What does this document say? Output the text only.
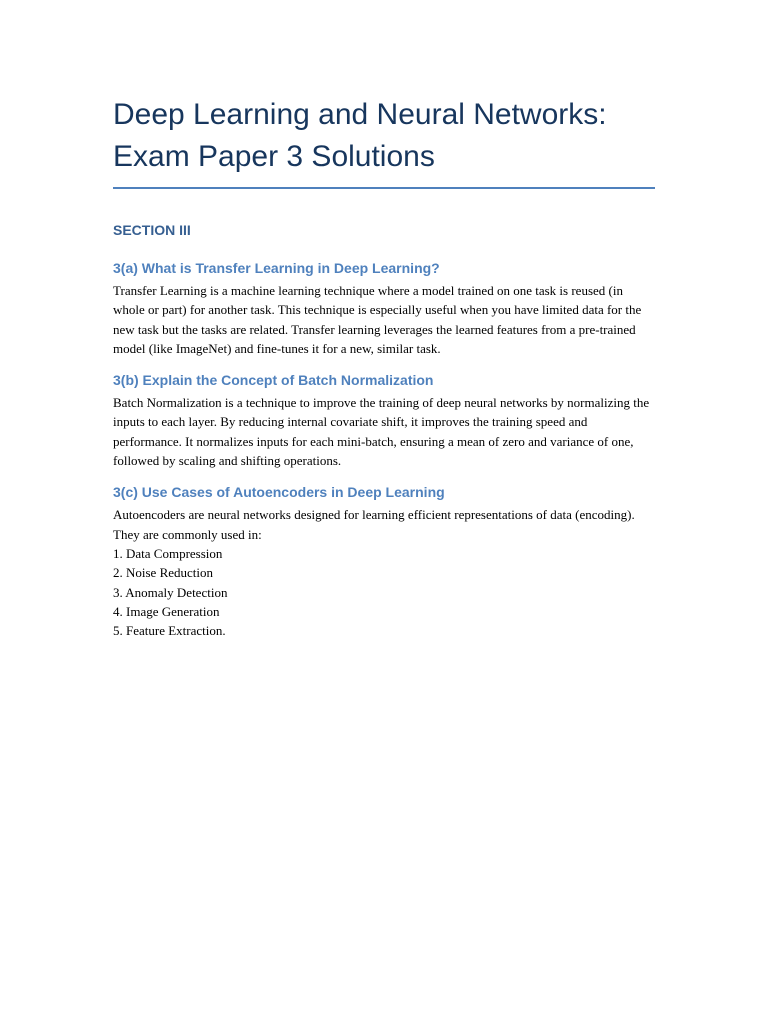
Deep Learning and Neural Networks:
Exam Paper 3 Solutions
SECTION III
3(a) What is Transfer Learning in Deep Learning?

Transfer Learning is a machine learning technique where a model trained on one task is reused (in whole or part) for another task. This technique is especially useful when you have limited data for the new task but the tasks are related. Transfer learning leverages the learned features from a pre-trained model (like ImageNet) and fine-tunes it for a new, similar task.

3(b) Explain the Concept of Batch Normalization

Batch Normalization is a technique to improve the training of deep neural networks by normalizing the inputs to each layer. By reducing internal covariate shift, it improves the training speed and performance. It normalizes inputs for each mini-batch, ensuring a mean of zero and variance of one, followed by scaling and shifting operations.

3(c) Use Cases of Autoencoders in Deep Learning

Autoencoders are neural networks designed for learning efficient representations of data (encoding). They are commonly used in:

1. Data Compression
2. Noise Reduction
3. Anomaly Detection
4. Image Generation
5. Feature Extraction.
